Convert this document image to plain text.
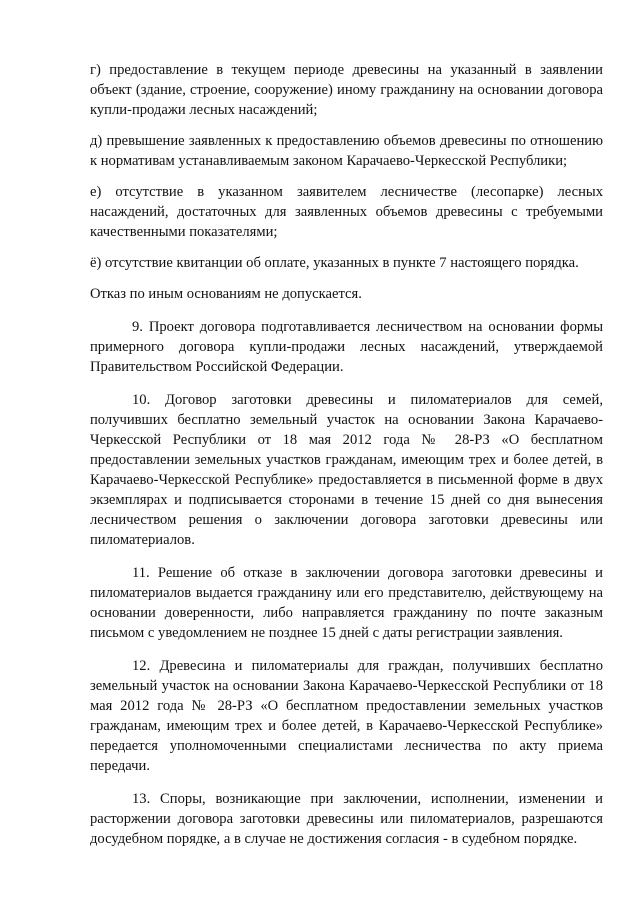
г) предоставление в текущем периоде древесины на указанный в заявлении объект (здание, строение, сооружение) иному гражданину на основании договора купли-продажи лесных насаждений;

д) превышение заявленных к предоставлению объемов древесины по отношению к нормативам устанавливаемым законом Карачаево-Черкесской Республики;

е) отсутствие в указанном заявителем лесничестве (лесопарке) лесных насаждений, достаточных для заявленных объемов древесины с требуемыми качественными показателями;

ё) отсутствие квитанции об оплате, указанных в пункте 7 настоящего порядка.

Отказ по иным основаниям не допускается.

9. Проект договора подготавливается лесничеством на основании формы примерного договора купли-продажи лесных насаждений, утверждаемой Правительством Российской Федерации.

10. Договор заготовки древесины и пиломатериалов для семей, получивших бесплатно земельный участок на основании Закона Карачаево-Черкесской Республики от 18 мая 2012 года № 28-РЗ «О бесплатном предоставлении земельных участков гражданам, имеющим трех и более детей, в Карачаево-Черкесской Республике» предоставляется в письменной форме в двух экземплярах и подписывается сторонами в течение 15 дней со дня вынесения лесничеством решения о заключении договора заготовки древесины или пиломатериалов.

11. Решение об отказе в заключении договора заготовки древесины и пиломатериалов выдается гражданину или его представителю, действующему на основании доверенности, либо направляется гражданину по почте заказным письмом с уведомлением не позднее 15 дней с даты регистрации заявления.

12. Древесина и пиломатериалы для граждан, получивших бесплатно земельный участок на основании Закона Карачаево-Черкесской Республики от 18 мая 2012 года № 28-РЗ «О бесплатном предоставлении земельных участков гражданам, имеющим трех и более детей, в Карачаево-Черкесской Республике» передается уполномоченными специалистами лесничества по акту приема передачи.

13. Споры, возникающие при заключении, исполнении, изменении и расторжении договора заготовки древесины или пиломатериалов, разрешаются досудебном порядке, а в случае не достижения согласия - в судебном порядке.
